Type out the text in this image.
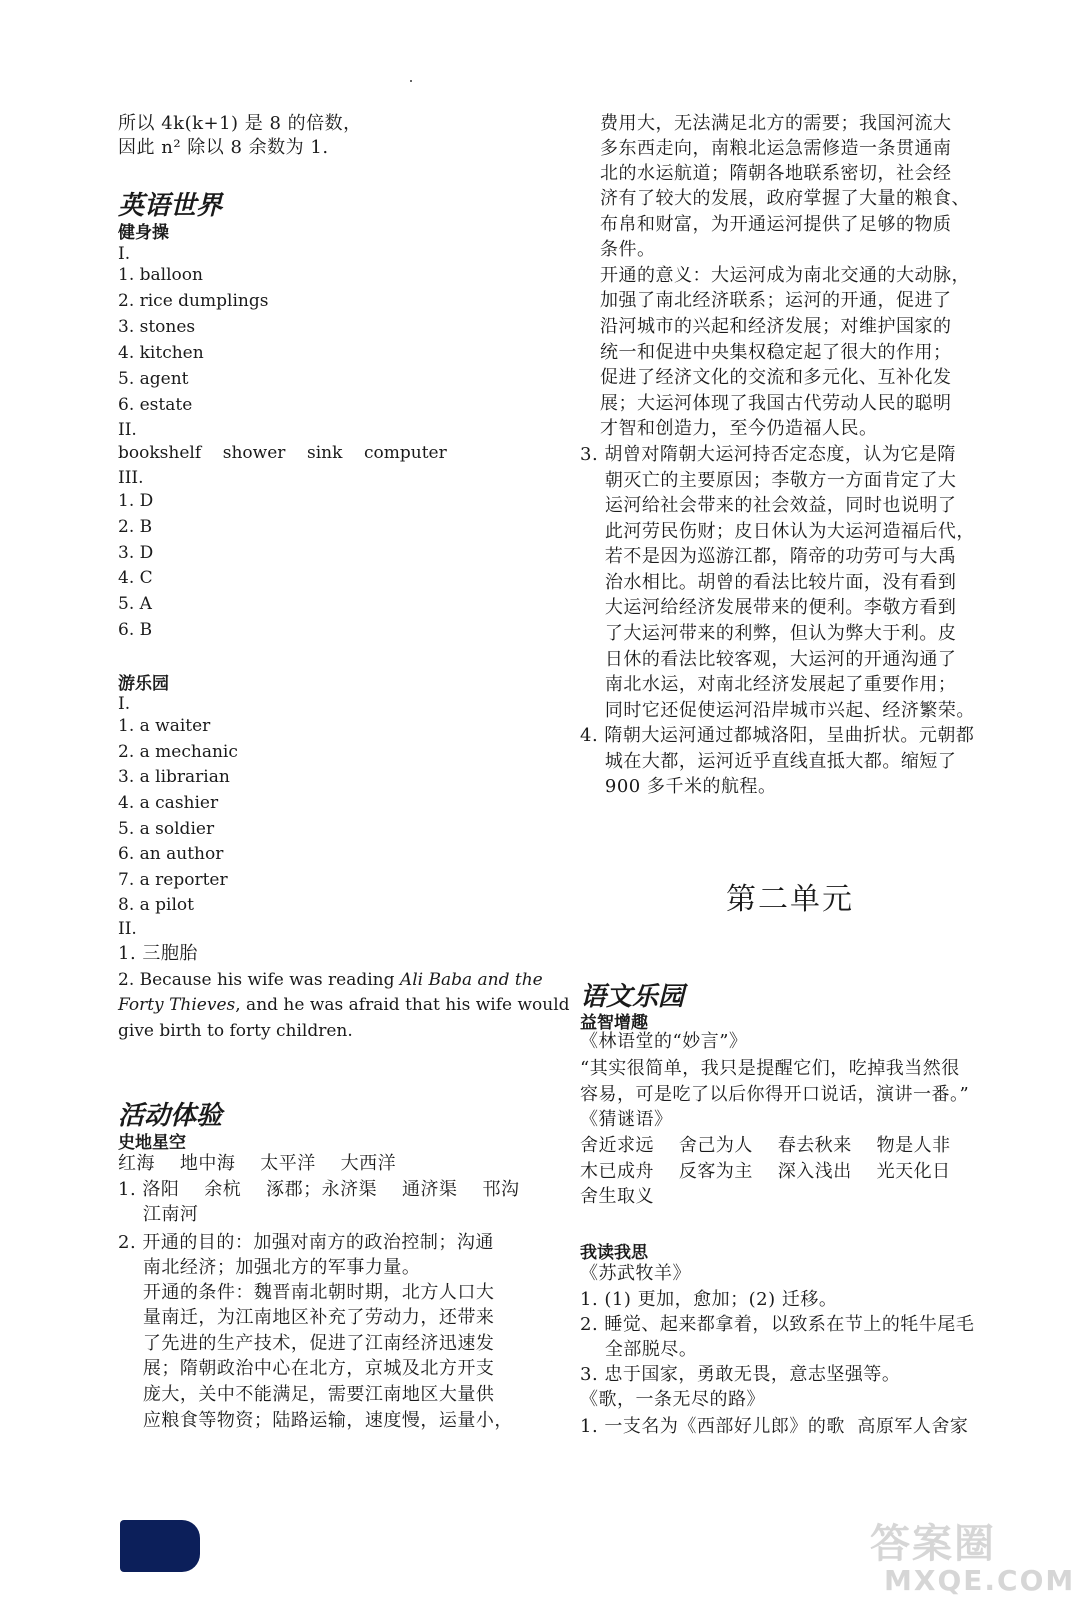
所以 4k(k+1) 是 8 的倍数，
因此 n² 除以 8 余数为 1.
英语世界
健身操
I.
1. balloon
2. rice dumplings
3. stones
4. kitchen
5. agent
6. estate
II.
bookshelf    shower    sink    computer
III.
1. D
2. B
3. D
4. C
5. A
6. B
游乐园
I.
1. a waiter
2. a mechanic
3. a librarian
4. a cashier
5. a soldier
6. an author
7. a reporter
8. a pilot
II.
1. 三胞胎
2. Because his wife was reading Ali Baba and the
Forty Thieves, and he was afraid that his wife would
give birth to forty children.
活动体验
史地星空
红海    地中海    太平洋    大西洋
1. 洛阳    余杭    涿郡；永济渠    通济渠    邗沟
江南河
2. 开通的目的：加强对南方的政治控制；沟通
南北经济；加强北方的军事力量。
开通的条件：魏晋南北朝时期，北方人口大
量南迁，为江南地区补充了劳动力，还带来
了先进的生产技术，促进了江南经济迅速发
展；隋朝政治中心在北方，京城及北方开支
庞大，关中不能满足，需要江南地区大量供
应粮食等物资；陆路运输，速度慢，运量小，
费用大，无法满足北方的需要；我国河流大
多东西走向，南粮北运急需修造一条贯通南
北的水运航道；隋朝各地联系密切，社会经
济有了较大的发展，政府掌握了大量的粮食、
布帛和财富，为开通运河提供了足够的物质
条件。
开通的意义：大运河成为南北交通的大动脉，
加强了南北经济联系；运河的开通，促进了
沿河城市的兴起和经济发展；对维护国家的
统一和促进中央集权稳定起了很大的作用；
促进了经济文化的交流和多元化、互补化发
展；大运河体现了我国古代劳动人民的聪明
才智和创造力，至今仍造福人民。
3. 胡曾对隋朝大运河持否定态度，认为它是隋
朝灭亡的主要原因；李敬方一方面肯定了大
运河给社会带来的社会效益，同时也说明了
此河劳民伤财；皮日休认为大运河造福后代，
若不是因为巡游江都，隋帝的功劳可与大禹
治水相比。胡曾的看法比较片面，没有看到
大运河给经济发展带来的便利。李敬方看到
了大运河带来的利弊，但认为弊大于利。皮
日休的看法比较客观，大运河的开通沟通了
南北水运，对南北经济发展起了重要作用；
同时它还促使运河沿岸城市兴起、经济繁荣。
4. 隋朝大运河通过都城洛阳，呈曲折状。元朝都
城在大都，运河近乎直线直抵大都。缩短了
900 多千米的航程。
第二单元
语文乐园
益智增趣
《林语堂的“妙言”》
“其实很简单，我只是提醒它们，吃掉我当然很
容易，可是吃了以后你得开口说话，演讲一番。”
《猜谜语》
舍近求远    舍己为人    春去秋来    物是人非
木已成舟    反客为主    深入浅出    光天化日
舍生取义
我读我思
《苏武牧羊》
1. (1) 更加，愈加；(2) 迁移。
2. 睡觉、起来都拿着，以致系在节上的牦牛尾毛
全部脱尽。
3. 忠于国家，勇敢无畏，意志坚强等。
《歌，一条无尽的路》
1. 一支名为《西部好儿郎》的歌  高原军人舍家
答案圈
MXQE.COM
